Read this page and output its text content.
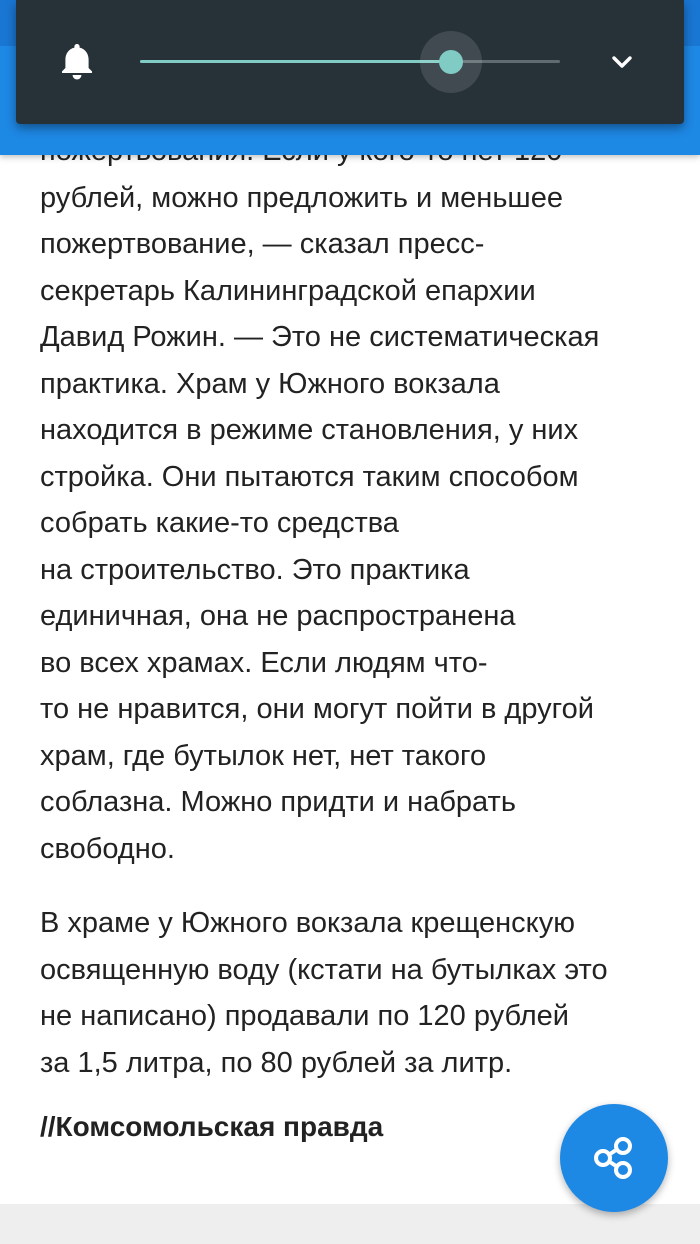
рублей, можно предложить и меньшее
пожертвование, — сказал пресс-
секретарь Калининградской епархии
Давид Рожин. — Это не систематическая
практика. Храм у Южного вокзала
находится в режиме становления, у них
стройка. Они пытаются таким способом
собрать какие-то средства
на строительство. Это практика
единичная, она не распространена
во всех храмах. Если людям что-
то не нравится, они могут пойти в другой
храм, где бутылок нет, нет такого
соблазна. Можно придти и набрать
свободно.

В храме у Южного вокзала крещенскую
освященную воду (кстати на бутылках это
не написано) продавали по 120 рублей
за 1,5 литра, по 80 рублей за литр.

//Комсомольская правда
